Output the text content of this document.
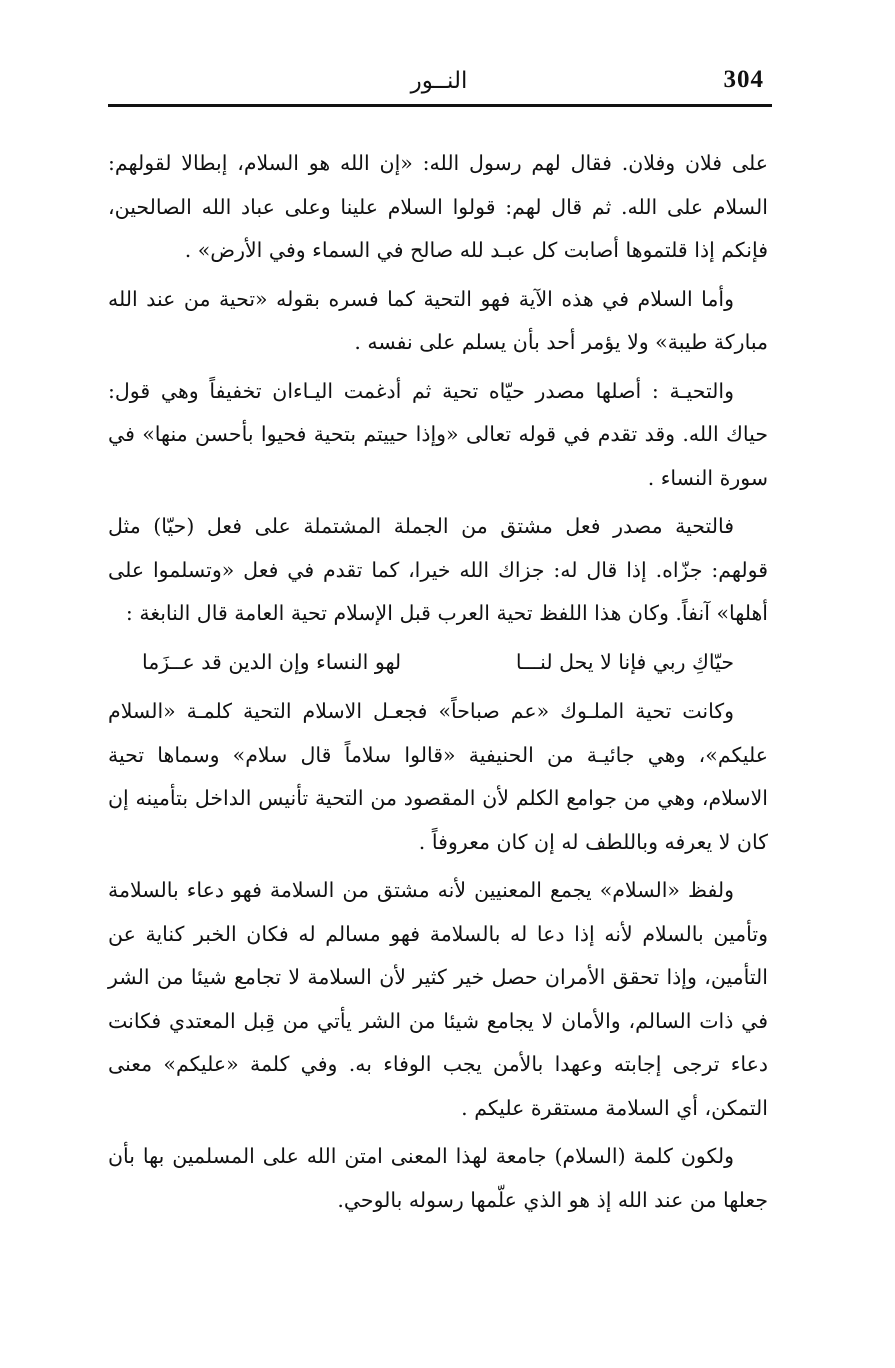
304
النــور

على فلان وفلان. فقال لهم رسول الله: «إن الله هو السلام، إبطالا لقولهم: السلام على الله. ثم قال لهم: قولوا السلام علينا وعلى عباد الله الصالحين، فإنكم إذا قلتموها أصابت كل عبـد لله صالح في السماء وفي الأرض» .

وأما السلام في هذه الآية فهو التحية كما فسره بقوله «تحية من عند الله مباركة طيبة» ولا يؤمر أحد بأن يسلم على نفسه .

والتحيـة : أصلها مصدر حيّاه تحية ثم أدغمت اليـاءان تخفيفاً وهي قول: حياك الله. وقد تقدم في قوله تعالى «وإذا حييتم بتحية فحيوا بأحسن منها» في سورة النساء .

فالتحية مصدر فعل مشتق من الجملة المشتملة على فعل (حيّا) مثل قولهم: جزّاه. إذا قال له: جزاك الله خيرا، كما تقدم في فعل «وتسلموا على أهلها» آنفاً. وكان هذا اللفظ تحية العرب قبل الإسلام تحية العامة قال النابغة :

حيّاكِ ربي فإنا لا يحل لنـــا
لهو النساء وإن الدين قد عــزَما

وكانت تحية الملـوك «عم صباحاً» فجعـل الاسلام التحية كلمـة «السلام عليكم»، وهي جائيـة من الحنيفية «قالوا سلاماً قال سلام» وسماها تحية الاسلام، وهي من جوامع الكلم لأن المقصود من التحية تأنيس الداخل بتأمينه إن كان لا يعرفه وباللطف له إن كان معروفاً .

ولفظ «السلام» يجمع المعنيين لأنه مشتق من السلامة فهو دعاء بالسلامة وتأمين بالسلام لأنه إذا دعا له بالسلامة فهو مسالم له فكان الخبر كناية عن التأمين، وإذا تحقق الأمران حصل خير كثير لأن السلامة لا تجامع شيئا من الشر في ذات السالم، والأمان لا يجامع شيئا من الشر يأتي من قِبل المعتدي فكانت دعاء ترجى إجابته وعهدا بالأمن يجب الوفاء به. وفي كلمة «عليكم» معنى التمكن، أي السلامة مستقرة عليكم .

ولكون كلمة (السلام) جامعة لهذا المعنى امتن الله على المسلمين بها بأن جعلها من عند الله إذ هو الذي علّمها رسوله بالوحي.
